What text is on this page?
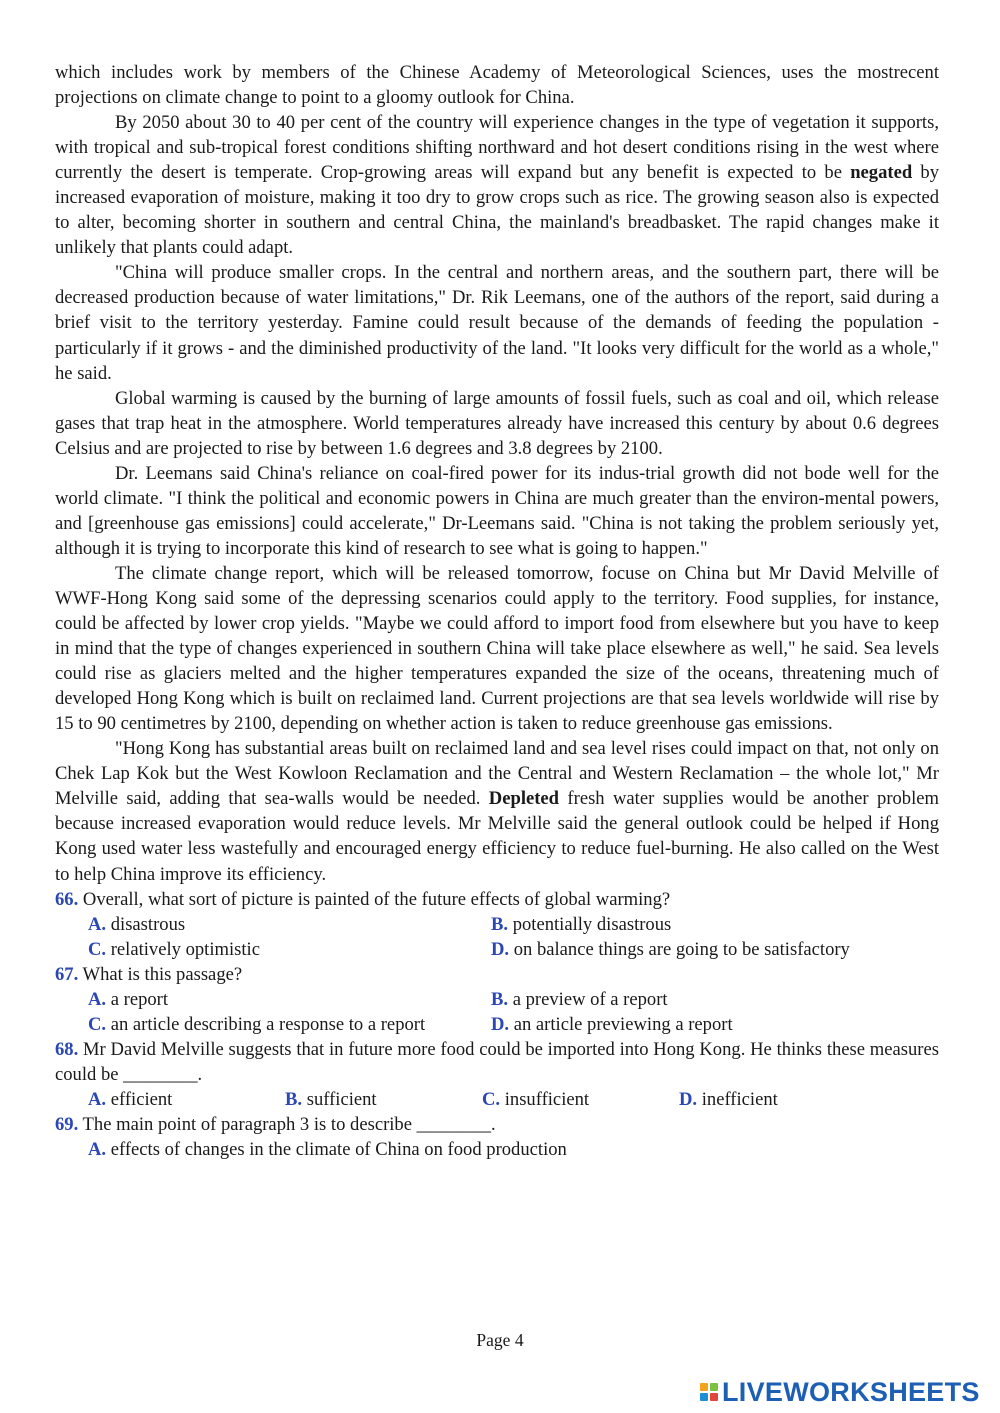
which includes work by members of the Chinese Academy of Meteorological Sciences, uses the mostrecent projections on climate change to point to a gloomy outlook for China.

By 2050 about 30 to 40 per cent of the country will experience changes in the type of vegetation it supports, with tropical and sub-tropical forest conditions shifting northward and hot desert conditions rising in the west where currently the desert is temperate. Crop-growing areas will expand but any benefit is expected to be negated by increased evaporation of moisture, making it too dry to grow crops such as rice. The growing season also is expected to alter, becoming shorter in southern and central China, the mainland's breadbasket. The rapid changes make it unlikely that plants could adapt.

"China will produce smaller crops. In the central and northern areas, and the southern part, there will be decreased production because of water limitations," Dr. Rik Leemans, one of the authors of the report, said during a brief visit to the territory yesterday. Famine could result because of the demands of feeding the population - particularly if it grows - and the diminished productivity of the land. "It looks very difficult for the world as a whole," he said.

Global warming is caused by the burning of large amounts of fossil fuels, such as coal and oil, which release gases that trap heat in the atmosphere. World temperatures already have increased this century by about 0.6 degrees Celsius and are projected to rise by between 1.6 degrees and 3.8 degrees by 2100.

Dr. Leemans said China's reliance on coal-fired power for its indus-trial growth did not bode well for the world climate. "I think the political and economic powers in China are much greater than the environ-mental powers, and [greenhouse gas emissions] could accelerate," Dr-Leemans said. "China is not taking the problem seriously yet, although it is trying to incorporate this kind of research to see what is going to happen."

The climate change report, which will be released tomorrow, focuse on China but Mr David Melville of WWF-Hong Kong said some of the depressing scenarios could apply to the territory. Food supplies, for instance, could be affected by lower crop yields. "Maybe we could afford to import food from elsewhere but you have to keep in mind that the type of changes experienced in southern China will take place elsewhere as well," he said. Sea levels could rise as glaciers melted and the higher temperatures expanded the size of the oceans, threatening much of developed Hong Kong which is built on reclaimed land. Current projections are that sea levels worldwide will rise by 15 to 90 centimetres by 2100, depending on whether action is taken to reduce greenhouse gas emissions.

"Hong Kong has substantial areas built on reclaimed land and sea level rises could impact on that, not only on Chek Lap Kok but the West Kowloon Reclamation and the Central and Western Reclamation – the whole lot," Mr Melville said, adding that sea-walls would be needed. Depleted fresh water supplies would be another problem because increased evaporation would reduce levels. Mr Melville said the general outlook could be helped if Hong Kong used water less wastefully and encouraged energy efficiency to reduce fuel-burning. He also called on the West to help China improve its efficiency.

66. Overall, what sort of picture is painted of the future effects of global warming?
A. disastrous	B. potentially disastrous
C. relatively optimistic	D. on balance things are going to be satisfactory
67. What is this passage?
A. a report	B. a preview of a report
C. an article describing a response to a report	D. an article previewing a report

68. Mr David Melville suggests that in future more food could be imported into Hong Kong. He thinks these measures could be ________.

A. efficient	B. sufficient	C. insufficient	D. inefficient
69. The main point of paragraph 3 is to describe ________.
A. effects of changes in the climate of China on food production
Page 4
LIVEWORKSHEETS
